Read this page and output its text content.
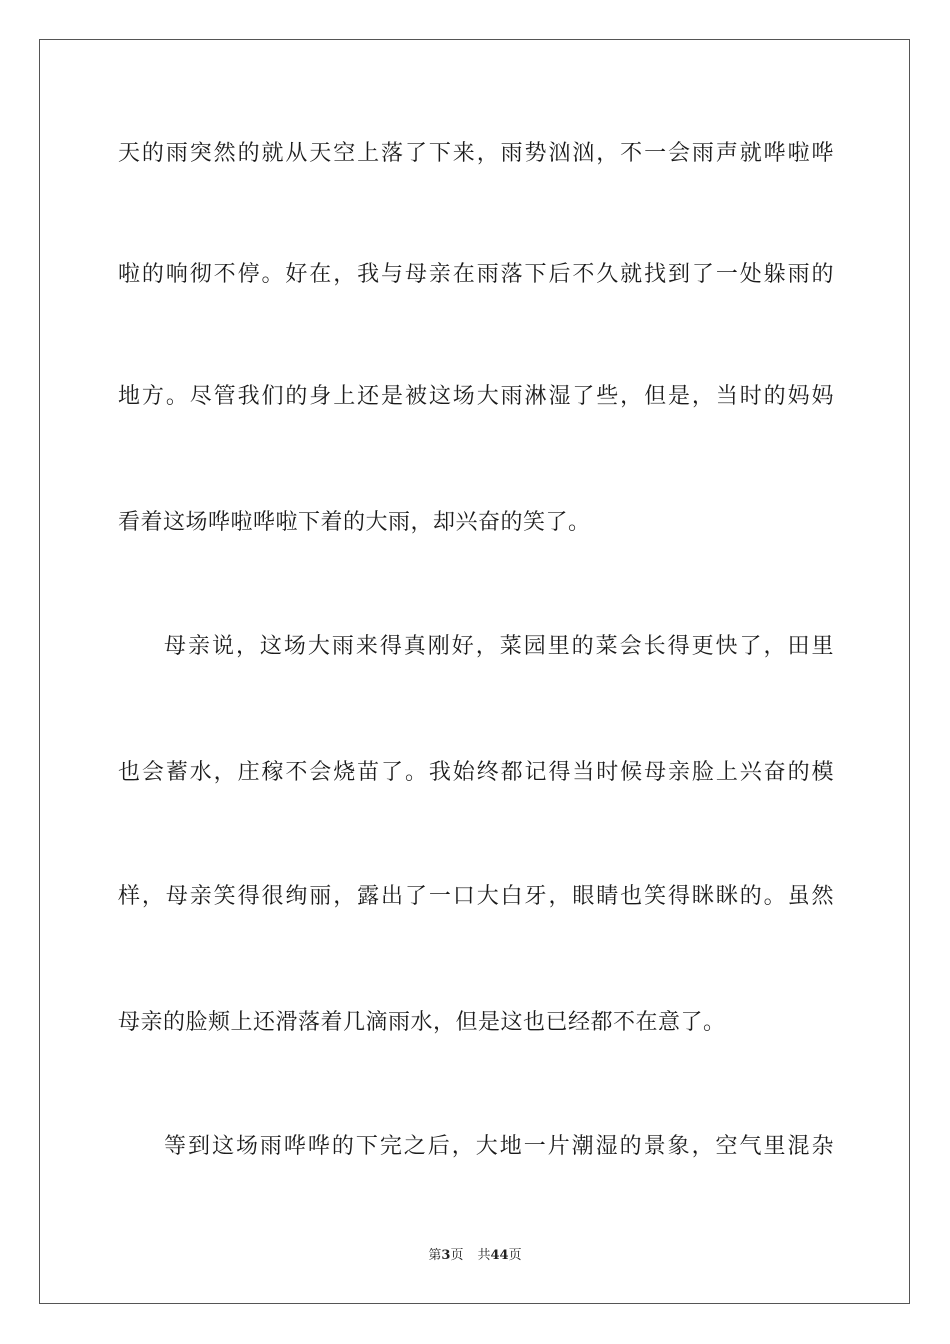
天的雨突然的就从天空上落了下来，雨势汹汹，不一会雨声就哗啦哗
啦的响彻不停。好在，我与母亲在雨落下后不久就找到了一处躲雨的
地方。尽管我们的身上还是被这场大雨淋湿了些，但是，当时的妈妈
看着这场哗啦哗啦下着的大雨，却兴奋的笑了。
母亲说，这场大雨来得真刚好，菜园里的菜会长得更快了，田里
也会蓄水，庄稼不会烧苗了。我始终都记得当时候母亲脸上兴奋的模
样，母亲笑得很绚丽，露出了一口大白牙，眼睛也笑得眯眯的。虽然
母亲的脸颊上还滑落着几滴雨水，但是这也已经都不在意了。
等到这场雨哗哗的下完之后，大地一片潮湿的景象，空气里混杂
第3页 共44页
